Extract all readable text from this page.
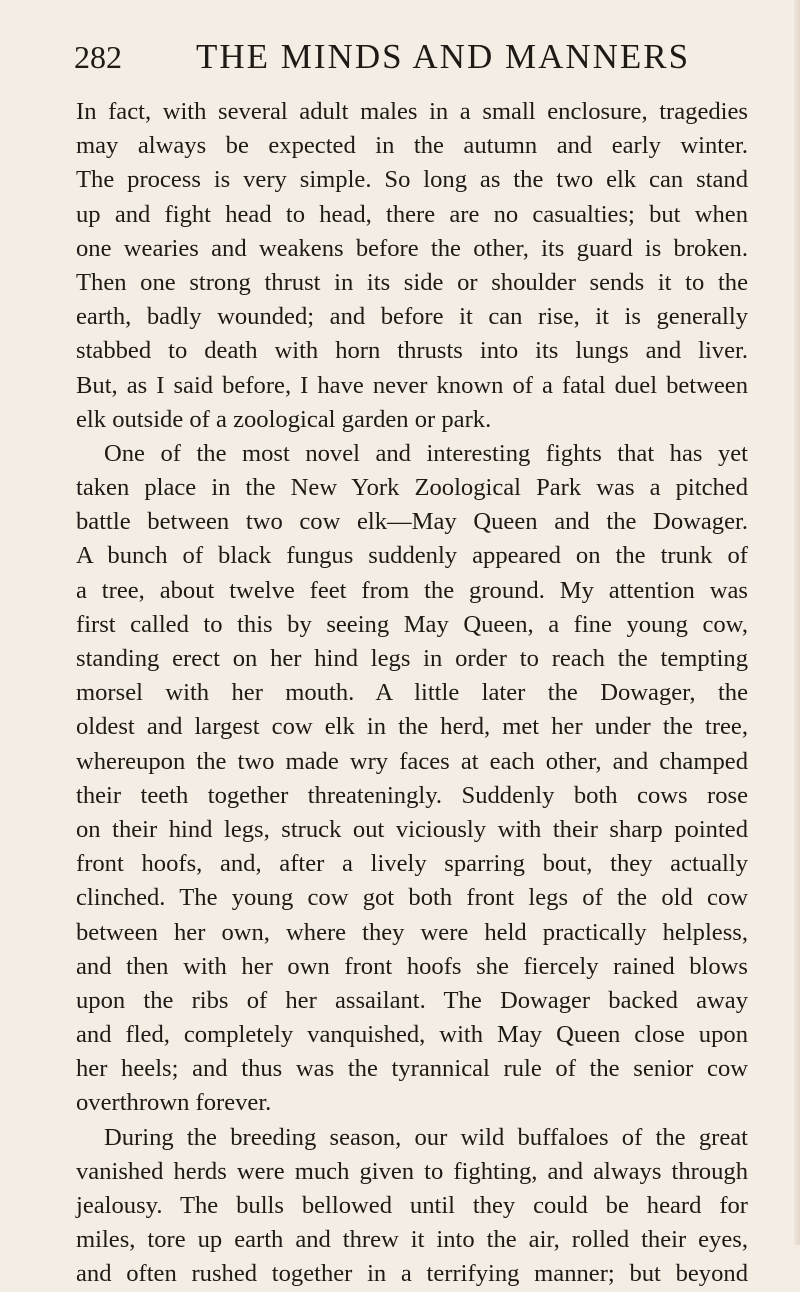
282 THE MINDS AND MANNERS
In fact, with several adult males in a small enclosure, tragedies
may always be expected in the autumn and early winter.
The process is very simple. So long as the two elk can stand
up and fight head to head, there are no casualties; but when
one wearies and weakens before the other, its guard is broken.
Then one strong thrust in its side or shoulder sends it to the
earth, badly wounded; and before it can rise, it is generally
stabbed to death with horn thrusts into its lungs and liver.
But, as I said before, I have never known of a fatal duel between
elk outside of a zoological garden or park.
One of the most novel and interesting fights that has yet
taken place in the New York Zoological Park was a pitched
battle between two cow elk—May Queen and the Dowager.
A bunch of black fungus suddenly appeared on the trunk of
a tree, about twelve feet from the ground. My attention was
first called to this by seeing May Queen, a fine young cow,
standing erect on her hind legs in order to reach the tempting
morsel with her mouth. A little later the Dowager, the
oldest and largest cow elk in the herd, met her under the tree,
whereupon the two made wry faces at each other, and champed
their teeth together threateningly. Suddenly both cows rose
on their hind legs, struck out viciously with their sharp pointed
front hoofs, and, after a lively sparring bout, they actually
clinched. The young cow got both front legs of the old cow
between her own, where they were held practically helpless,
and then with her own front hoofs she fiercely rained blows
upon the ribs of her assailant. The Dowager backed away
and fled, completely vanquished, with May Queen close upon
her heels; and thus was the tyrannical rule of the senior cow
overthrown forever.
During the breeding season, our wild buffaloes of the great
vanished herds were much given to fighting, and always through
jealousy. The bulls bellowed until they could be heard for
miles, tore up earth and threw it into the air, rolled their eyes,
and often rushed together in a terrifying manner; but beyond
